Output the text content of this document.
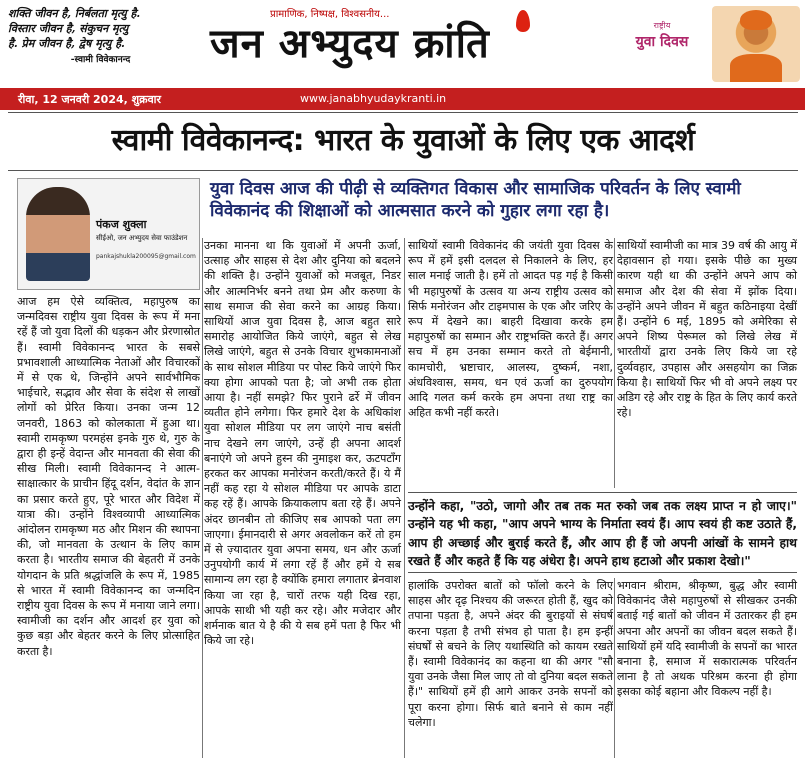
शक्ति जीवन है, निर्बलता मृत्यु है.
विस्तार जीवन है, संकुचन मृत्यु
है. प्रेम जीवन है, द्वेष मृत्यु है.
-स्वामी विवेकानन्द
प्रामाणिक, निष्पक्ष, विश्वसनीय...
जन अभ्युदय क्रांति	राष्ट्रीय
युवा दिवस
रीवा, 12 जनवरी 2024, शुक्रवार	www.janabhyudaykranti.in
स्वामी विवेकानन्द: भारत के युवाओं के लिए एक आदर्श
युवा दिवस आज की पीढ़ी से व्यक्तिगत विकास और सामाजिक परिवर्तन के लिए स्वामी विवेकानंद की शिक्षाओं को आत्मसात करने को गुहार लगा रहा है।
पंकज शुक्ला
सीईओ, जन अभ्युदय सेवा फाउंडेशन
pankajshukla200095@gmail.com

आज हम ऐसे व्यक्तित्व, महापुरुष का जन्मदिवस राष्ट्रीय युवा दिवस के रूप में मना रहें हैं जो युवा दिलों की धड़कन और प्रेरणास्रोत हैं। स्वामी विवेकानन्द भारत के सबसे प्रभावशाली आध्यात्मिक नेताओं और विचारकों में से एक थे, जिन्होंने अपने सार्वभौमिक भाईचारे, सद्भाव और सेवा के संदेश से लाखों लोगों को प्रेरित किया। उनका जन्म 12 जनवरी, 1863 को कोलकाता में हुआ था। स्वामी रामकृष्ण परमहंस इनके गुरु थे, गुरु के द्वारा ही इन्हें वेदान्त और मानवता की सेवा की सीख मिली। स्वामी विवेकानन्द ने आत्म-साक्षात्कार के प्राचीन हिंदू दर्शन, वेदांत के ज्ञान का प्रसार करते हुए, पूरे भारत और विदेश में यात्रा की। उन्होंने विश्वव्यापी आध्यात्मिक आंदोलन रामकृष्ण मठ और मिशन की स्थापना की, जो मानवता के उत्थान के लिए काम करता है। भारतीय समाज की बेहतरी में उनके योगदान के प्रति श्रद्धांजलि के रूप में, 1985 से भारत में स्वामी विवेकानन्द का जन्मदिन राष्ट्रीय युवा दिवस के रूप में मनाया जाने लगा। स्वामीजी का दर्शन और आदर्श हर युवा को कुछ बड़ा और बेहतर करने के लिए प्रोत्साहित करता है।

उनका मानना था कि युवाओं में अपनी ऊर्जा, उत्साह और साहस से देश और दुनिया को बदलने की शक्ति है। उन्होंने युवाओं को मजबूत, निडर और आत्मनिर्भर बनने तथा प्रेम और करुणा के साथ समाज की सेवा करने का आग्रह किया। साथियों आज युवा दिवस है, आज बहुत सारे समारोह आयोजित किये जाएंगे, बहुत से लेख लिखे जाएंगे, बहुत से उनके विचार शुभकामनाओं के साथ सोशल मीडिया पर पोस्ट किये जाएंगे फिर क्या होगा आपको पता है; जो अभी तक होता आया है। नहीं समझे? फिर पुराने ढर्रे में जीवन व्यतीत होने लगेगा। फिर हमारे देश के अधिकांश युवा सोशल मीडिया पर लग जाएंगे नाच बसंती नाच देखने लग जाएंगे, उन्हें ही अपना आदर्श बनाएंगे जो अपने हुस्न की नुमाइश कर, ऊटपटाँग हरकत कर आपका मनोरंजन करती/करते हैं। ये मैं नहीं कह रहा ये सोशल मीडिया पर आपके डाटा कह रहें हैं। आपके क्रियाकलाप बता रहे हैं। अपने अंदर छानबीन तो कीजिए सब आपको पता लग जाएगा। ईमानदारी से अगर अवलोकन करें तो हम में से ज़्यादातर युवा अपना समय, धन और ऊर्जा उनुपयोगी कार्य में लगा रहें हैं और हमें ये सब सामान्य लग रहा है क्योंकि हमारा लगातार ब्रेनवाश किया जा रहा है, चारों तरफ यही दिख रहा, आपके साथी भी यही कर रहे। और मजेदार और शर्मनाक बात ये है की ये सब हमें पता है फिर भी किये जा रहे।

साथियों स्वामी विवेकानंद की जयंती युवा दिवस के रूप में हमें इसी दलदल से निकालने के लिए, हर साल मनाई जाती है। हमें तो आदत पड़ गई है किसी भी महापुरुषों के उत्सव या अन्य राष्ट्रीय उत्सव को सिर्फ मनोरंजन और टाइमपास के एक और जरिए के रूप में देखने का। बाहरी दिखावा करके हम महापुरुषों का सम्मान और राष्ट्रभक्ति करते हैं। अगर सच में हम उनका सम्मान करते तो बेईमानी, कामचोरी, भ्रष्टाचार, आलस्य, दुष्कर्म, नशा, अंधविश्वास, समय, धन एवं ऊर्जा का दुरुपयोग आदि गलत कर्म करके हम अपना तथा राष्ट्र का अहित कभी नहीं करते।

साथियों स्वामीजी का मात्र 39 वर्ष की आयु में देहावसान हो गया। इसके पीछे का मुख्य कारण यही था की उन्होंने अपने आप को समाज और देश की सेवा में झोंक दिया। उन्होंने अपने जीवन में बहुत कठिनाइया देखीं हैं। उन्होंने 6 मई, 1895 को अमेरिका से अपने शिष्य पेरूमल को लिखे लेख में भारतीयों द्वारा उनके लिए किये जा रहे दुर्व्यवहार, उपहास और असहयोग का जिक्र किया है। साथियों फिर भी वो अपने लक्ष्य पर अडिग रहे और राष्ट्र के हित के लिए कार्य करते रहे।

उन्होंने कहा, "उठो, जागो और तब तक मत रुको जब तक लक्ष्य प्राप्त न हो जाए।" उन्होंने यह भी कहा, "आप अपने भाग्य के निर्माता स्वयं हैं। आप स्वयं ही कष्ट उठाते हैं, आप ही अच्छाई और बुराई करते हैं, और आप ही हैं जो अपनी आंखों के सामने हाथ रखते हैं और कहते हैं कि यह अंधेरा है। अपने हाथ हटाओ और प्रकाश देखो।"

हालांकि उपरोक्त बातों को फॉलो करने के लिए साहस और दृढ़ निश्चय की जरूरत होती हैं, खुद को तपाना पड़ता है, अपने अंदर की बुराइयों से संघर्ष करना पड़ता है तभी संभव हो पाता है। हम इन्हीं संघर्षों से बचने के लिए यथास्थिति को कायम रखते हैं। स्वामी विवेकानंद का कहना था की अगर "सौ युवा उनके जैसा मिल जाए तो वो दुनिया बदल सकते हैं।" साथियों हमें ही आगे आकर उनके सपनों को पूरा करना होगा। सिर्फ बाते बनाने से काम नहीं चलेगा।

भगवान श्रीराम, श्रीकृष्ण, बुद्ध और स्वामी विवेकानंद जैसे महापुरुषों से सीखकर उनकी बताई गई बातों को जीवन में उतारकर ही हम अपना और अपनों का जीवन बदल सकते हैं। साथियों हमें यदि स्वामीजी के सपनों का भारत बनाना है, समाज में सकारात्मक परिवर्तन लाना है तो अथक परिश्रम करना ही होगा इसका कोई बहाना और विकल्प नहीं है।
